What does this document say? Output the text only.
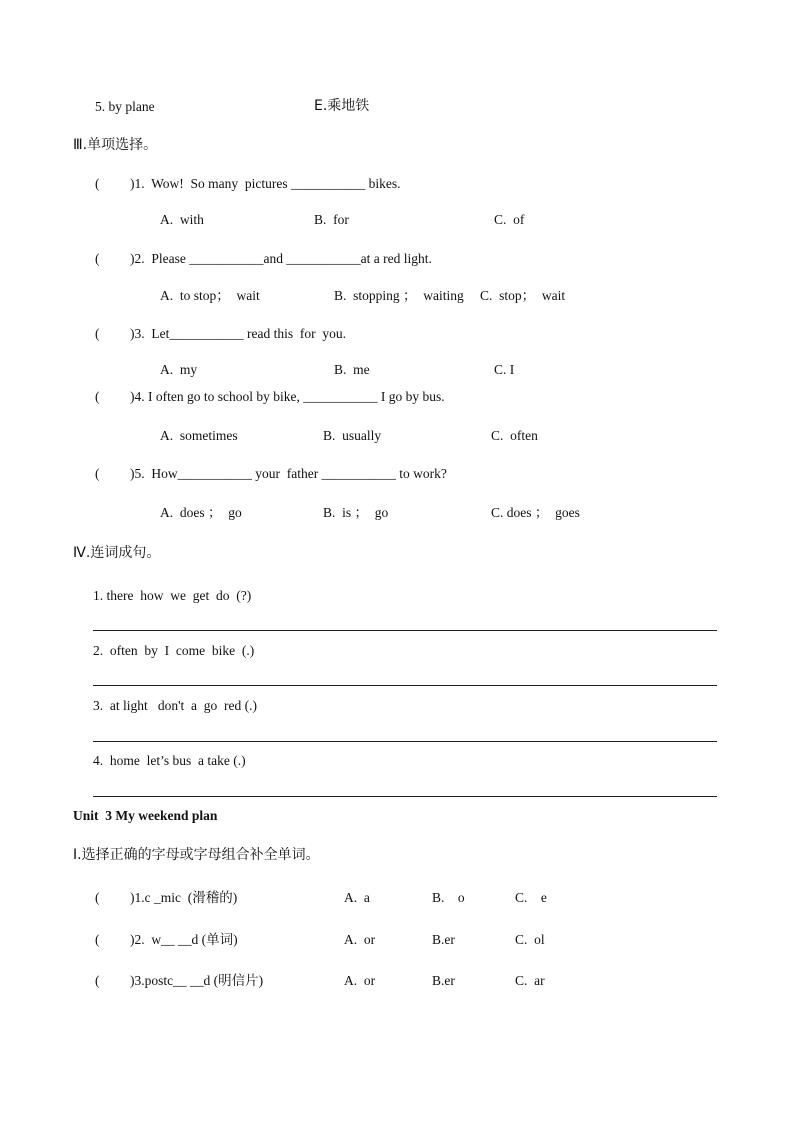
5. by plane	E.乘地铁
Ⅲ.单项选择。
( )1.  Wow!  So many  pictures ___________ bikes.
A.  with	B.  for	C.  of
( )2.  Please ___________and ___________at a red light.
A.  to stop；  wait	B.  stopping ；  waiting C.  stop；  wait
( )3.  Let___________ read this  for  you.
A.  my	B.  me	C. I
( )4. I often go to school by bike, ___________ I go by bus.
A.  sometimes	B.  usually	C.  often
( )5.  How___________ your  father ___________ to work?
A.  does ；  go	B.  is ；  go	C. does ；  goes
Ⅳ.连词成句。
1. there  how  we  get  do  (?)
2.  often  by  I  come  bike  (.)
3.  at light   don't  a  go  red (.)
4.  home  let’s bus  a take (.)
Unit  3 My weekend plan
I.选择正确的字母或字母组合补全单词。
( )1.c _mic  (滑稽的)	A.  a	B.    o	C.    e
( )2.  w__ __d (单词)	A.  or	B.er	C.  ol
( )3.postc__ __d (明信片)	A.  or	B.er	C.  ar
